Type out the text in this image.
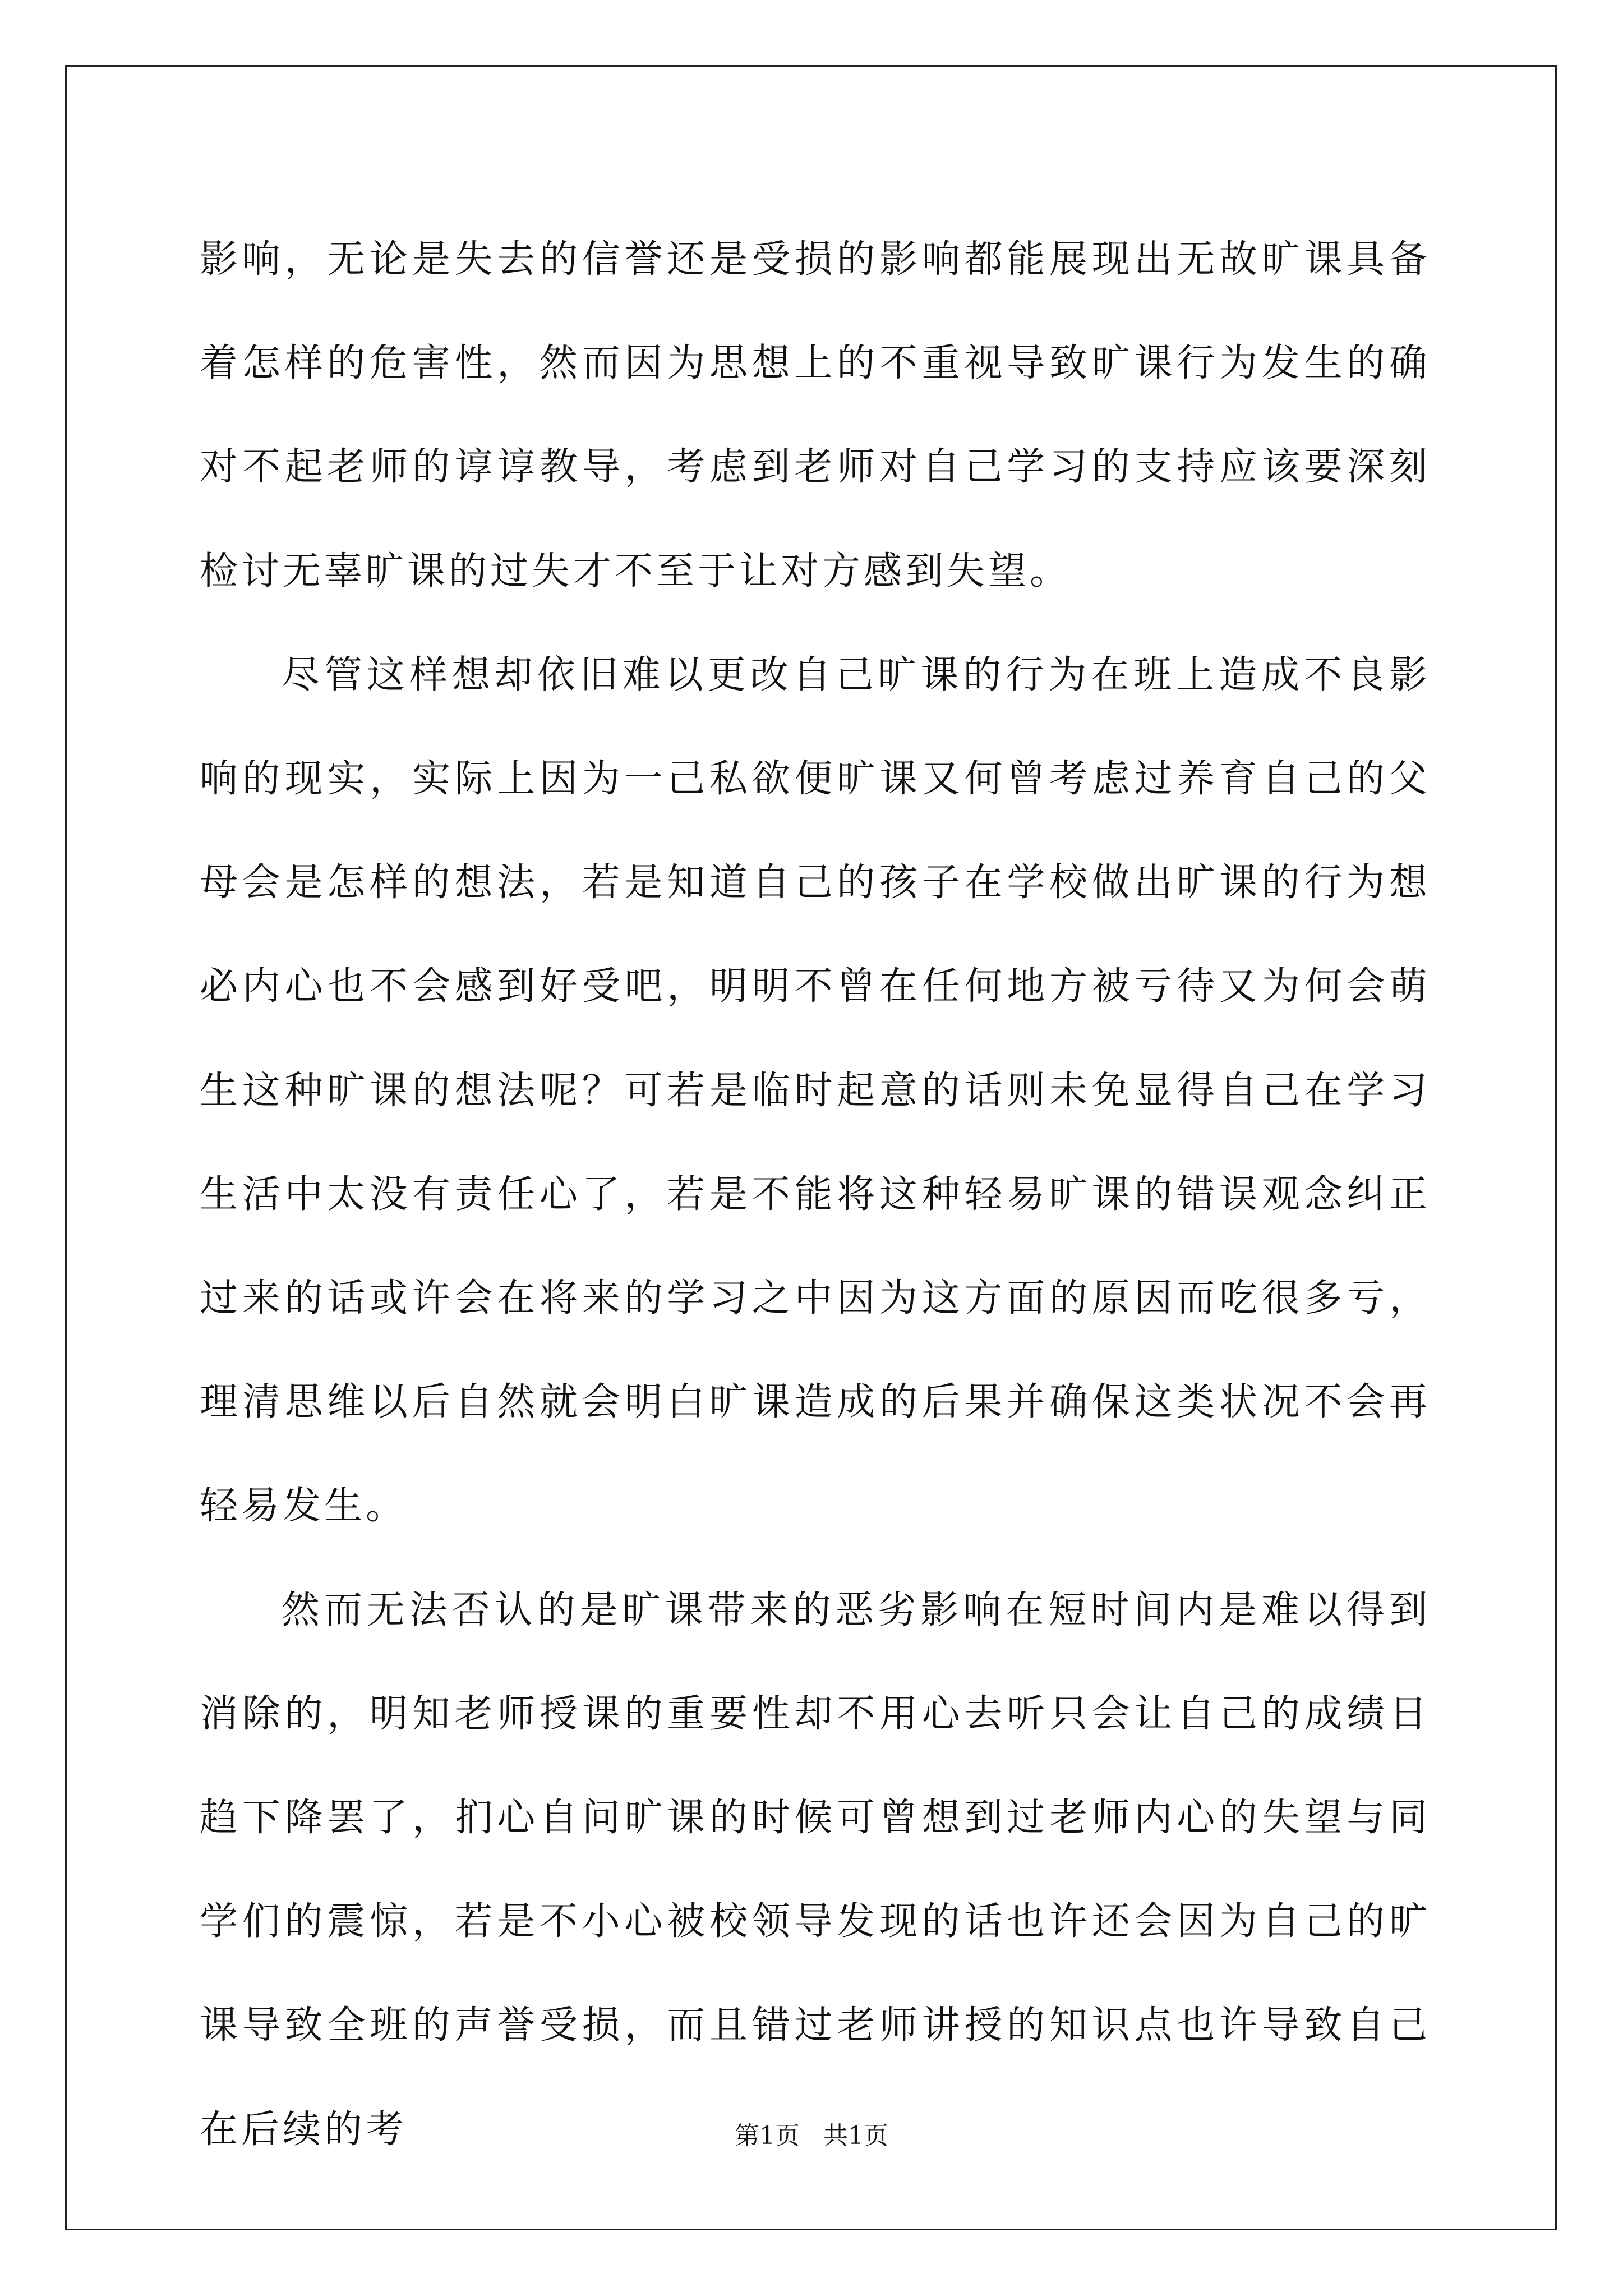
影响，无论是失去的信誉还是受损的影响都能展现出无故旷课具备着怎样的危害性，然而因为思想上的不重视导致旷课行为发生的确对不起老师的谆谆教导，考虑到老师对自己学习的支持应该要深刻检讨无辜旷课的过失才不至于让对方感到失望。

尽管这样想却依旧难以更改自己旷课的行为在班上造成不良影响的现实，实际上因为一己私欲便旷课又何曾考虑过养育自己的父母会是怎样的想法，若是知道自己的孩子在学校做出旷课的行为想必内心也不会感到好受吧，明明不曾在任何地方被亏待又为何会萌生这种旷课的想法呢？可若是临时起意的话则未免显得自己在学习生活中太没有责任心了，若是不能将这种轻易旷课的错误观念纠正过来的话或许会在将来的学习之中因为这方面的原因而吃很多亏，理清思维以后自然就会明白旷课造成的后果并确保这类状况不会再轻易发生。

然而无法否认的是旷课带来的恶劣影响在短时间内是难以得到消除的，明知老师授课的重要性却不用心去听只会让自己的成绩日趋下降罢了，扪心自问旷课的时候可曾想到过老师内心的失望与同学们的震惊，若是不小心被校领导发现的话也许还会因为自己的旷课导致全班的声誉受损，而且错过老师讲授的知识点也许导致自己在后续的考	第1页   共1页
